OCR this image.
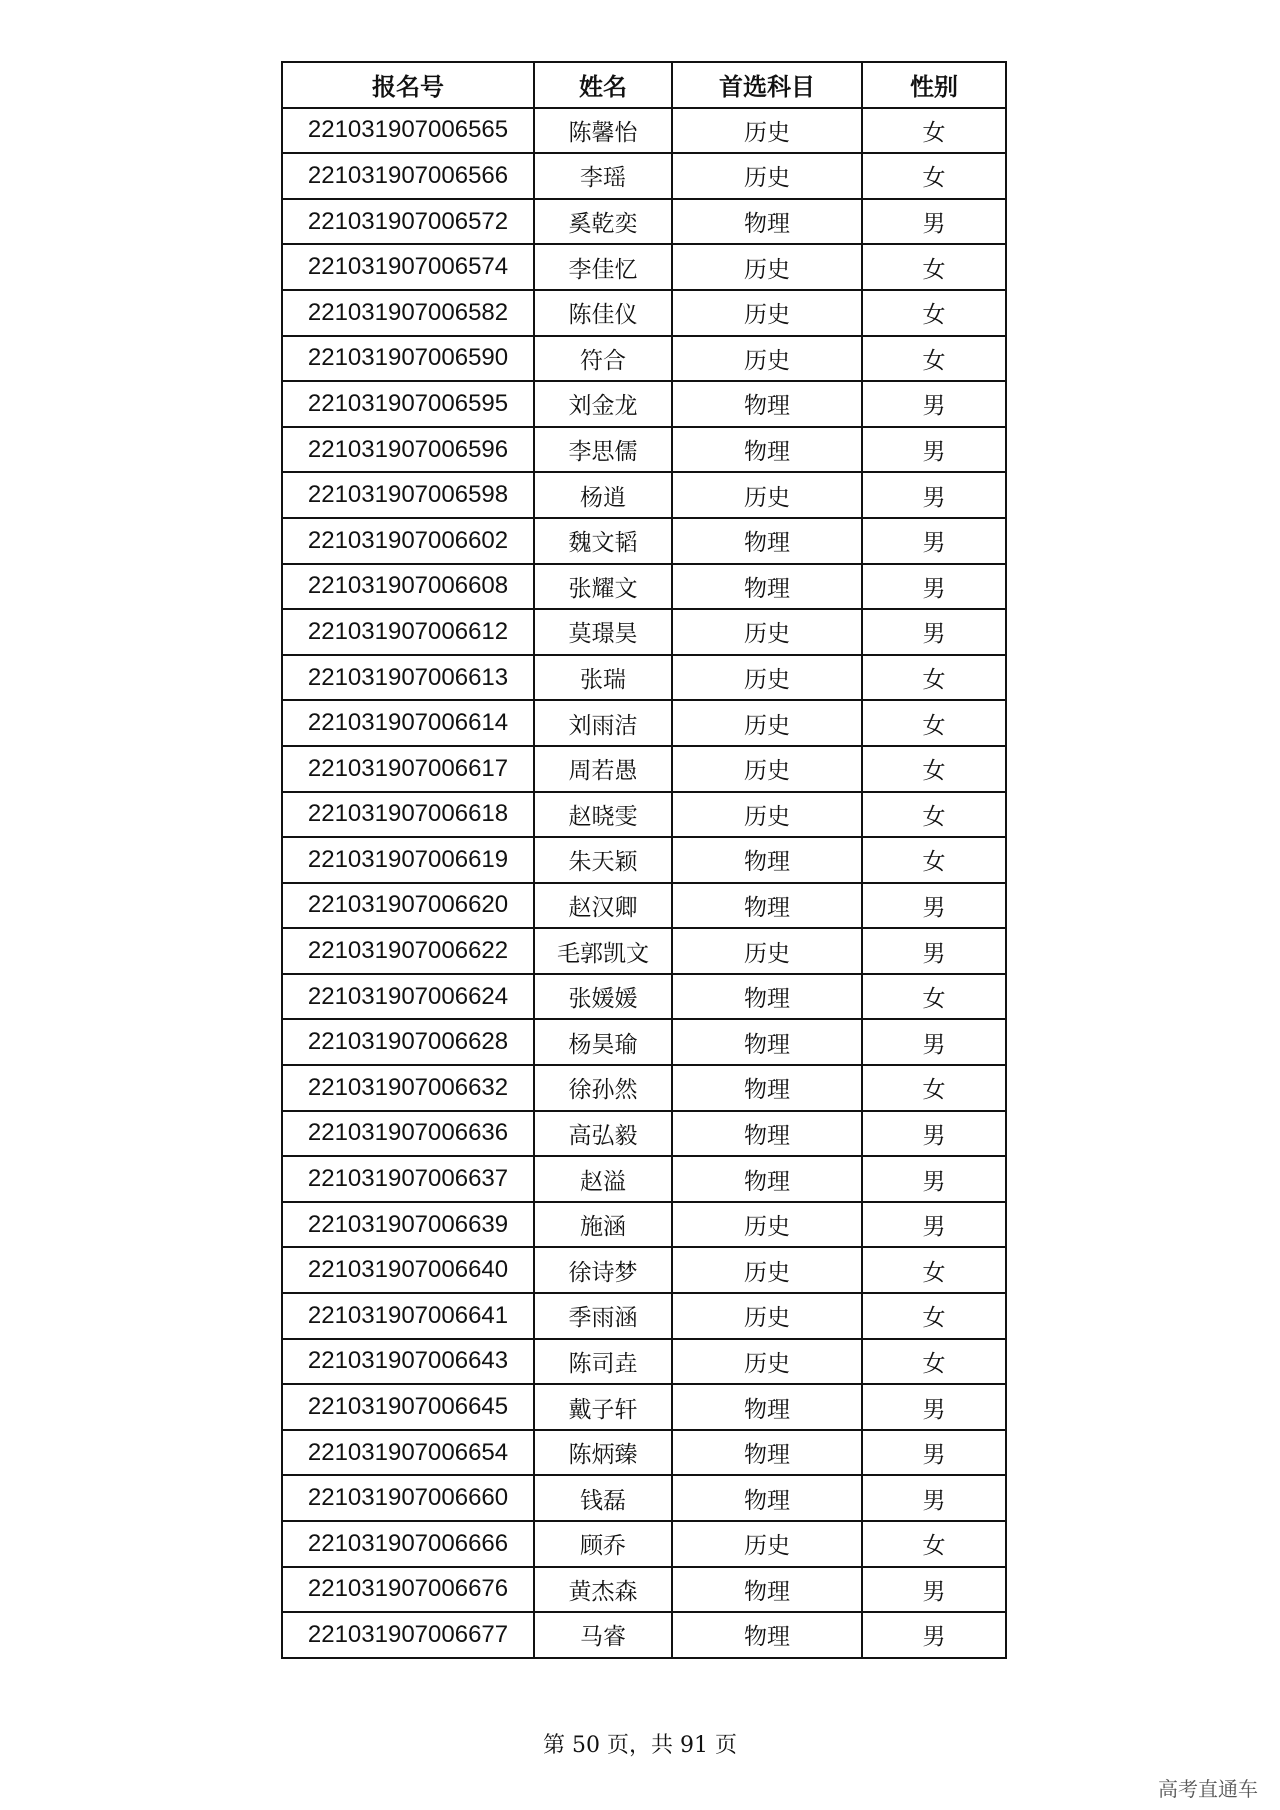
报名号	姓名	首选科目	性别
221031907006565	陈馨怡	历史	女
221031907006566	李瑶	历史	女
221031907006572	奚乾奕	物理	男
221031907006574	李佳忆	历史	女
221031907006582	陈佳仪	历史	女
221031907006590	符合	历史	女
221031907006595	刘金龙	物理	男
221031907006596	李思儒	物理	男
221031907006598	杨逍	历史	男
221031907006602	魏文韬	物理	男
221031907006608	张耀文	物理	男
221031907006612	莫璟昊	历史	男
221031907006613	张瑞	历史	女
221031907006614	刘雨洁	历史	女
221031907006617	周若愚	历史	女
221031907006618	赵晓雯	历史	女
221031907006619	朱天颖	物理	女
221031907006620	赵汉卿	物理	男
221031907006622	毛郭凯文	历史	男
221031907006624	张媛媛	物理	女
221031907006628	杨昊瑜	物理	男
221031907006632	徐孙然	物理	女
221031907006636	高弘毅	物理	男
221031907006637	赵溢	物理	男
221031907006639	施涵	历史	男
221031907006640	徐诗梦	历史	女
221031907006641	季雨涵	历史	女
221031907006643	陈司垚	历史	女
221031907006645	戴子轩	物理	男
221031907006654	陈炳臻	物理	男
221031907006660	钱磊	物理	男
221031907006666	顾乔	历史	女
221031907006676	黄杰森	物理	男
221031907006677	马睿	物理	男
第 50 页，共 91 页
高考直通车
